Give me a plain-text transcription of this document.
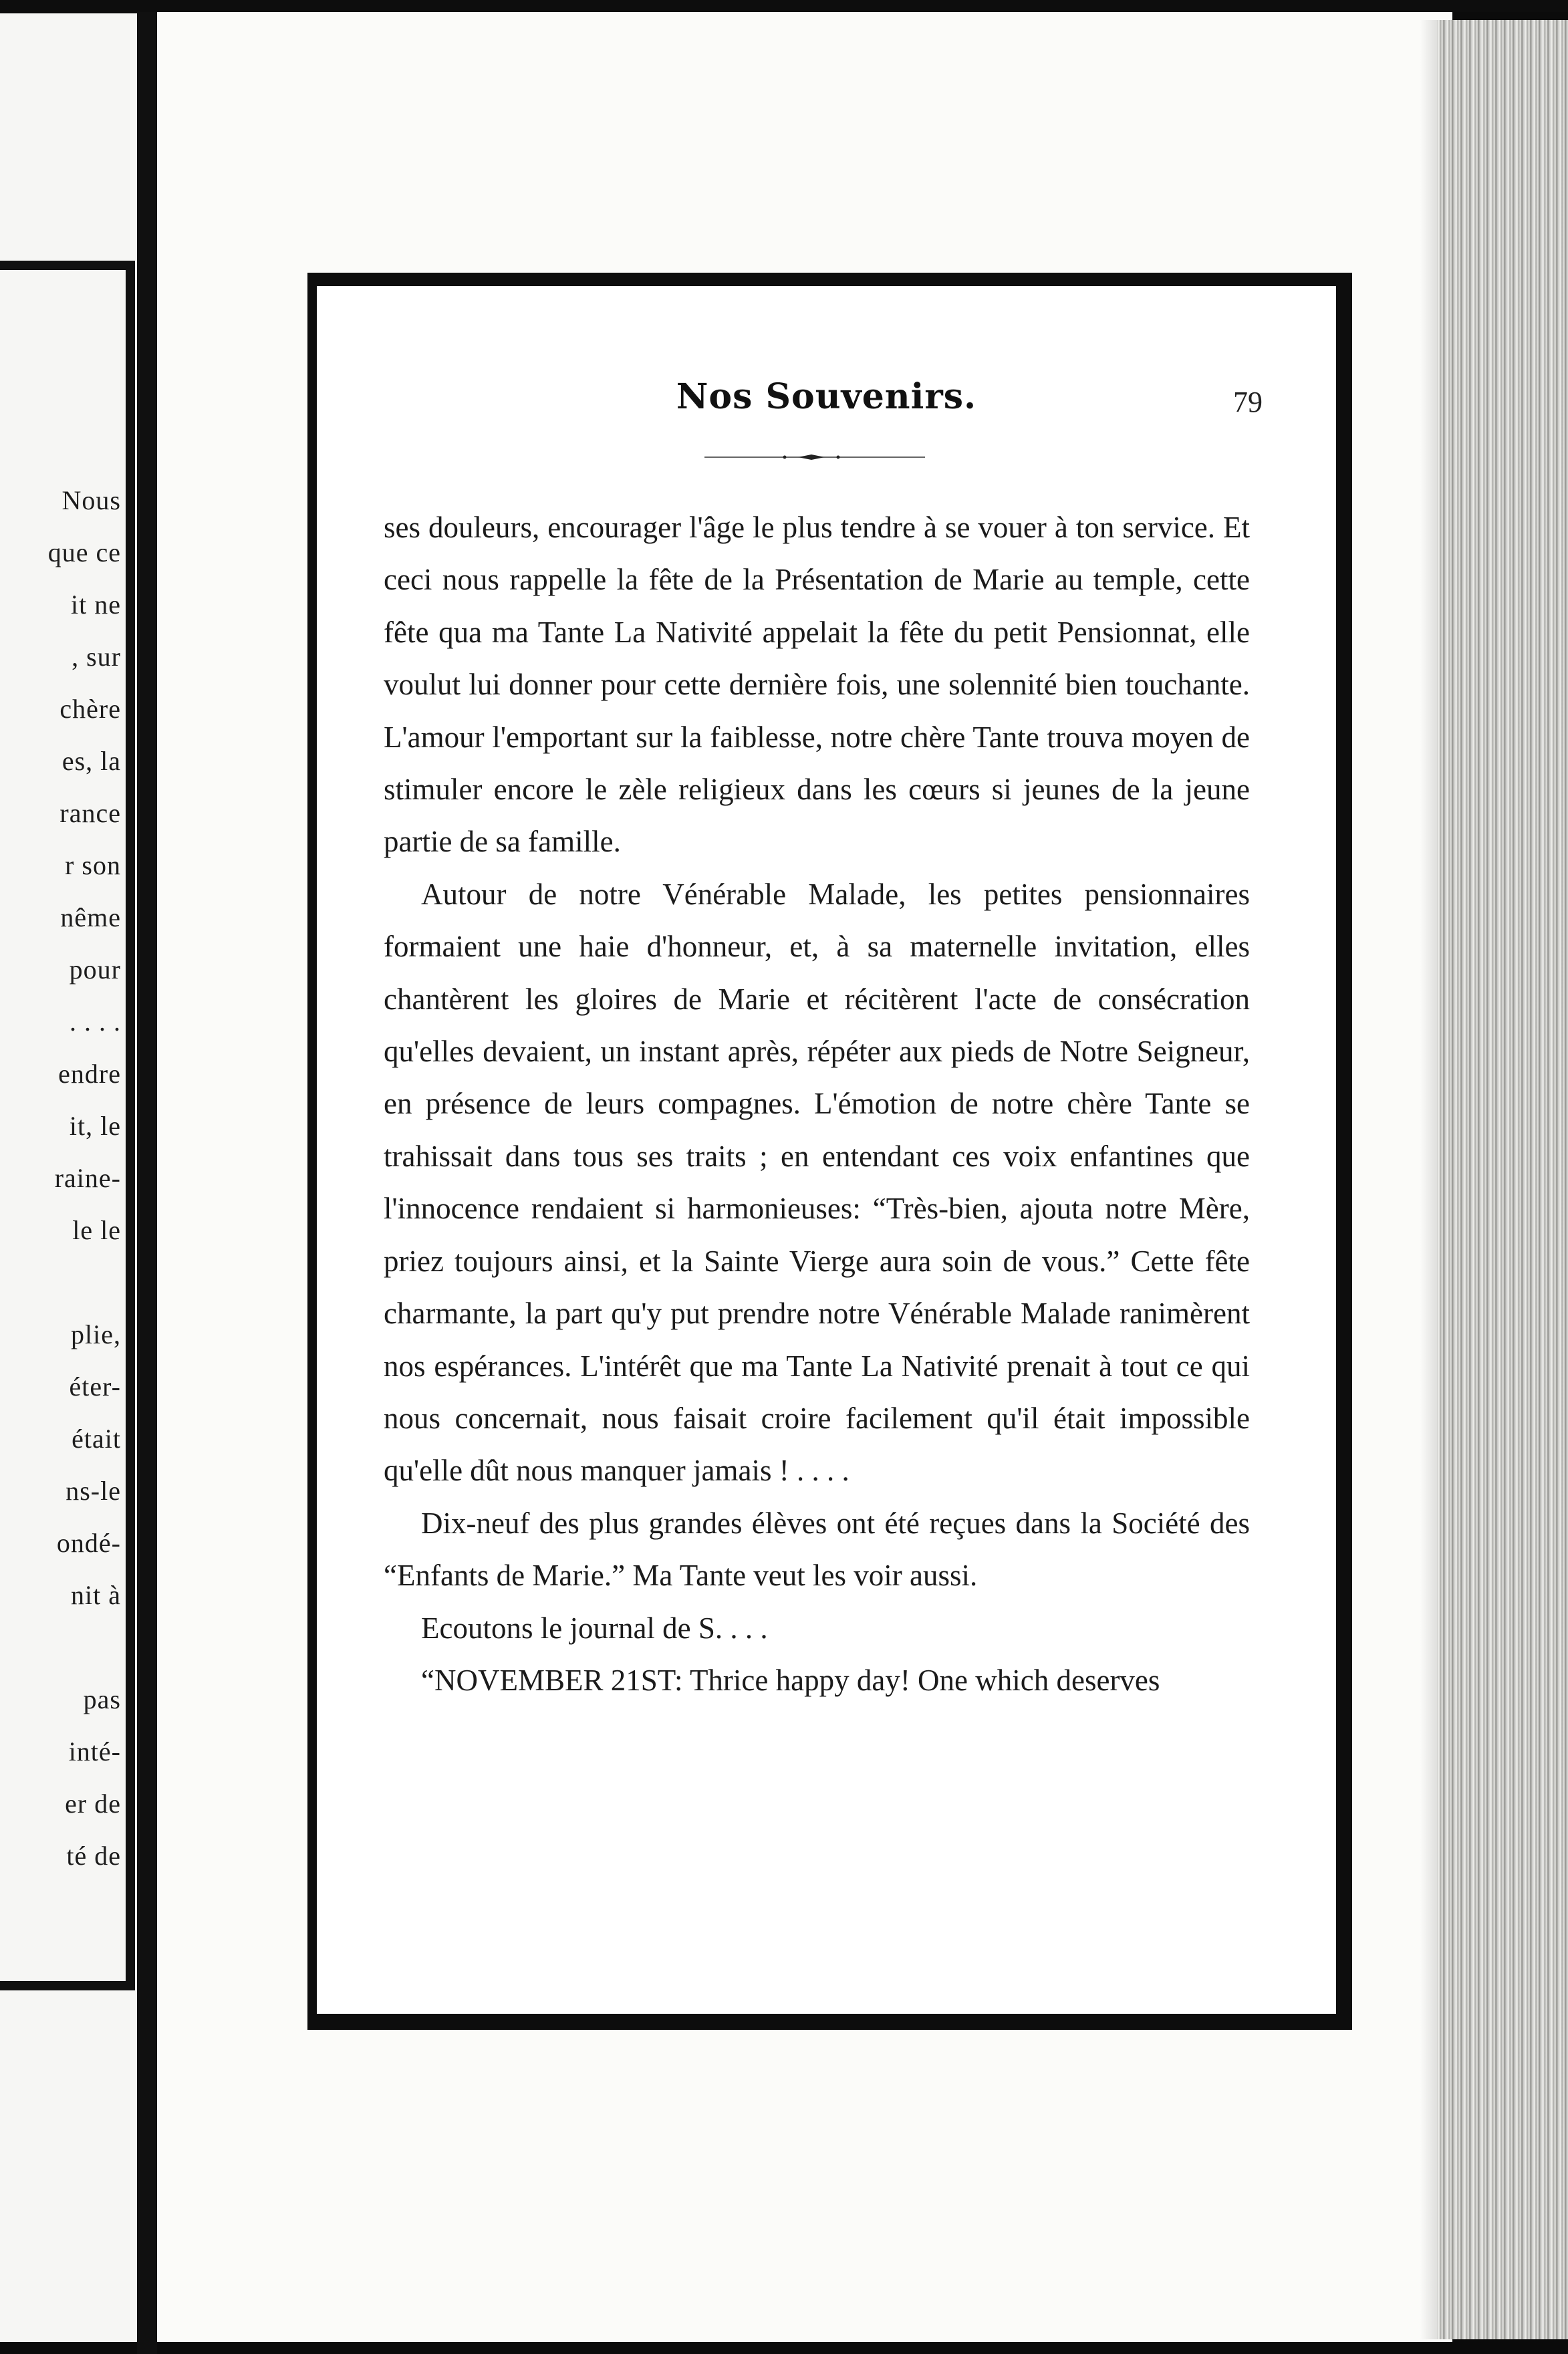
Nous
que ce
it ne
, sur
chère
es, la
rance
r son
nême
pour
. . . .
endre
it, le
raine-
le le
plie,
éter-
était
ns-le
ondé-
nit à
pas
inté-
er de
té de
Nos Souvenirs.	79

ses douleurs, encourager l'âge le plus tendre à se vouer à ton service. Et ceci nous rappelle la fête de la Présentation de Marie au temple, cette fête qua ma Tante La Nativité appelait la fête du petit Pensionnat, elle voulut lui donner pour cette dernière fois, une solennité bien touchante. L'amour l'emportant sur la faiblesse, notre chère Tante trouva moyen de stimuler encore le zèle religieux dans les cœurs si jeunes de la jeune partie de sa famille.

Autour de notre Vénérable Malade, les petites pensionnaires formaient une haie d'honneur, et, à sa maternelle invitation, elles chantèrent les gloires de Marie et récitèrent l'acte de consécration qu'elles devaient, un instant après, répéter aux pieds de Notre Seigneur, en présence de leurs compagnes. L'émotion de notre chère Tante se trahissait dans tous ses traits ; en entendant ces voix enfantines que l'innocence rendaient si harmonieuses: “Très-bien, ajouta notre Mère, priez toujours ainsi, et la Sainte Vierge aura soin de vous.” Cette fête charmante, la part qu'y put prendre notre Vénérable Malade ranimèrent nos espérances. L'intérêt que ma Tante La Nativité prenait à tout ce qui nous concernait, nous faisait croire facilement qu'il était impossible qu'elle dût nous manquer jamais ! . . . .

Dix-neuf des plus grandes élèves ont été reçues dans la Société des “Enfants de Marie.” Ma Tante veut les voir aussi.

Ecoutons le journal de S. . . .

“NOVEMBER 21ST: Thrice happy day! One which deserves
